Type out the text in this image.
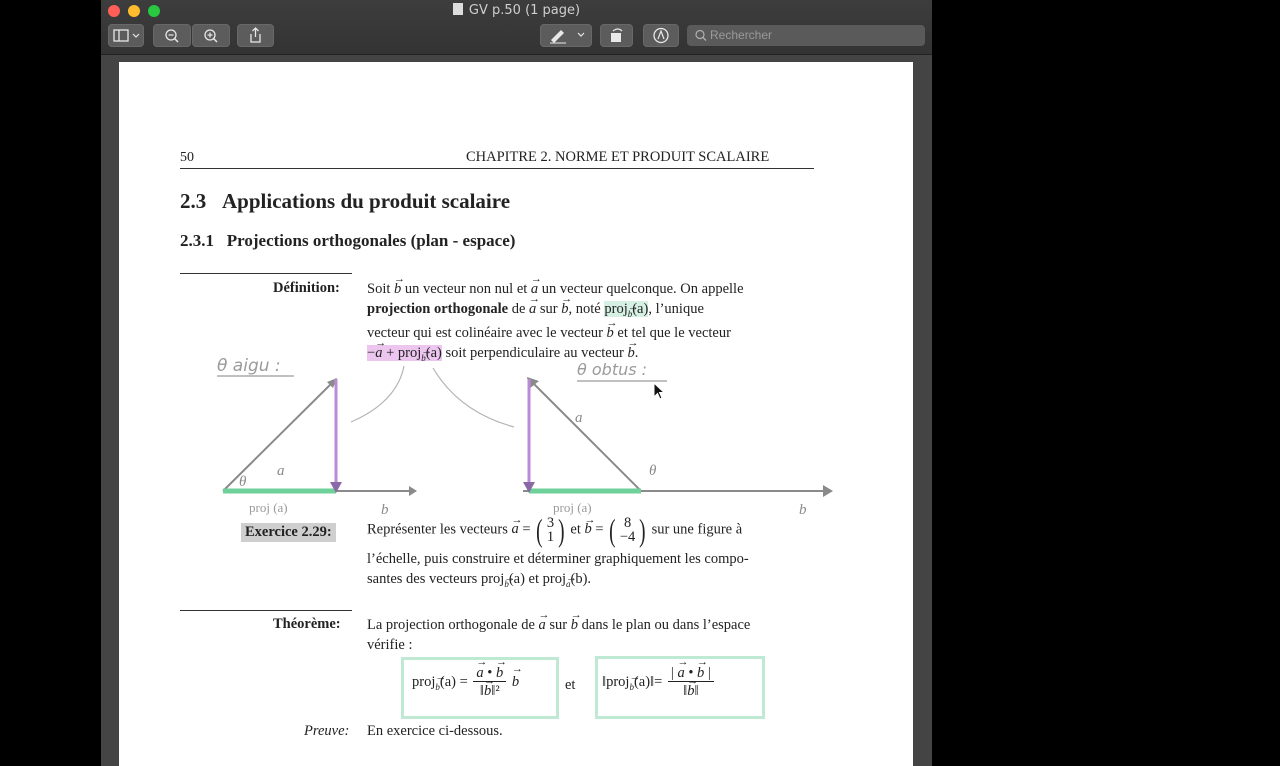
GV p.50 (1 page)
Rechercher
50	CHAPITRE 2. NORME ET PRODUIT SCALAIRE
2.3 Applications du produit scalaire
2.3.1 Projections orthogonales (plan - espace)
Définition: Soit → b un vecteur non nul et → a un vecteur quelconque. On appelle
projection orthogonale de → a sur → b, noté proj→ $_b$(a), l’unique
vecteur qui est colinéaire avec le vecteur → b et tel que le vecteur
−→ a + proj→ $_b$(a) soit perpendiculaire au vecteur → b.
θ aigu :	θ obtus :
θ
a
b
proj (a)
θ
a
b
proj (a)
Exercice 2.29: Représenter les vecteurs → a = ( 3
1 ) et → b = ( 8
−4 ) sur une figure à
l’échelle, puis construire et déterminer graphiquement les compo-
santes des vecteurs proj→ $_b$(a) et proj→ $_a$(b).
Théorème: La projection orthogonale de → a sur → b dans le plan ou dans l’espace
vérifie :
proj→ $_b$(a) =
→ $\frac{a • \to b}{\text{‖→ b‖²}}$
→ b	et ‖proj→ $_b$(a)‖= $\frac{| \to a • \to b |}{‖\to b‖}$
Preuve: En exercice ci-dessous.
